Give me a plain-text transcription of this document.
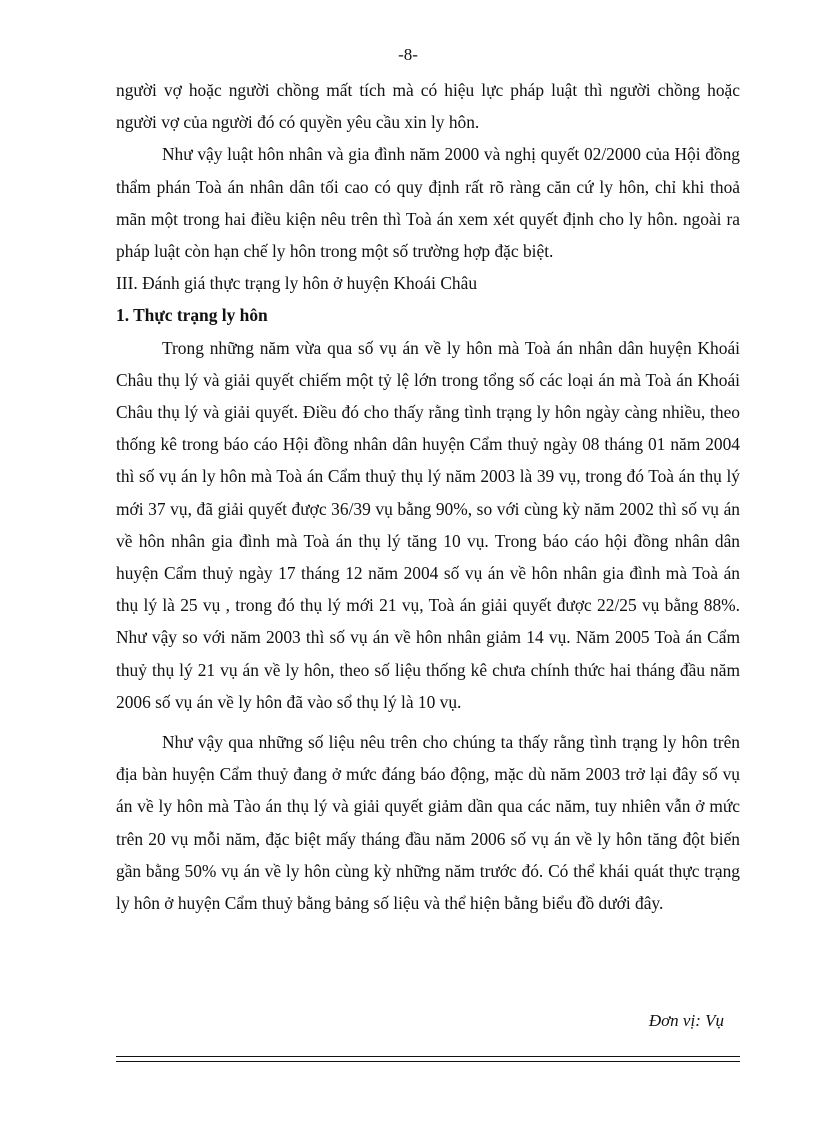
-8-

người vợ hoặc người chồng mất tích mà có hiệu lực pháp luật thì người chồng hoặc người vợ của người đó có quyền yêu cầu xin ly hôn.

Như vậy luật hôn nhân và gia đình năm 2000 và nghị quyết 02/2000 của Hội đồng thẩm phán Toà án nhân dân tối cao có quy định rất rõ ràng căn cứ ly hôn, chỉ khi thoả mãn một trong hai điều kiện nêu trên thì Toà án xem xét quyết định cho ly hôn. ngoài ra pháp luật còn hạn chế ly hôn trong một số trường hợp đặc biệt.

III. Đánh giá thực trạng ly hôn ở huyện Khoái Châu

1. Thực trạng ly hôn

Trong những năm vừa qua số vụ án về ly hôn mà Toà án nhân dân huyện Khoái Châu thụ lý và giải quyết chiếm một tỷ lệ lớn trong tổng số các loại án mà Toà án Khoái Châu thụ lý và giải quyết. Điều đó cho thấy rằng tình trạng ly hôn ngày càng nhiều, theo thống kê trong báo cáo Hội đồng nhân dân huyện Cẩm thuỷ ngày 08 tháng 01 năm 2004 thì số vụ án ly hôn mà Toà án Cẩm thuỷ thụ lý năm 2003 là 39 vụ, trong đó Toà án thụ lý mới 37 vụ, đã giải quyết được 36/39 vụ bằng 90%, so với cùng kỳ năm 2002 thì số vụ án về hôn nhân gia đình mà Toà án thụ lý tăng 10 vụ. Trong báo cáo hội đồng nhân dân huyện Cẩm thuỷ ngày 17 tháng 12 năm 2004 số vụ án về hôn nhân gia đình mà Toà án thụ lý là 25 vụ , trong đó thụ lý mới 21 vụ, Toà án giải quyết được 22/25 vụ bằng 88%. Như vậy so với năm 2003 thì số vụ án về hôn nhân giảm 14 vụ. Năm 2005 Toà án Cẩm thuỷ thụ lý 21 vụ án về ly hôn, theo số liệu thống kê chưa chính thức hai tháng đầu năm 2006 số vụ án về ly hôn đã vào sổ thụ lý là 10 vụ.

Như vậy qua những số liệu nêu trên cho chúng ta thấy rằng tình trạng ly hôn trên địa bàn huyện Cẩm thuỷ đang ở mức đáng báo động, mặc dù năm 2003 trở lại đây số vụ án về ly hôn mà Tào án thụ lý và giải quyết giảm dần qua các năm, tuy nhiên vẫn ở mức trên 20 vụ mỗi năm, đặc biệt mấy tháng đầu năm 2006 số vụ án về ly hôn tăng đột biến gần bằng 50% vụ án về ly hôn cùng kỳ những năm trước đó. Có thể khái quát thực trạng ly hôn ở huyện Cẩm thuỷ bằng bảng số liệu và thể hiện bằng biểu đồ dưới đây.

Đơn vị: Vụ
